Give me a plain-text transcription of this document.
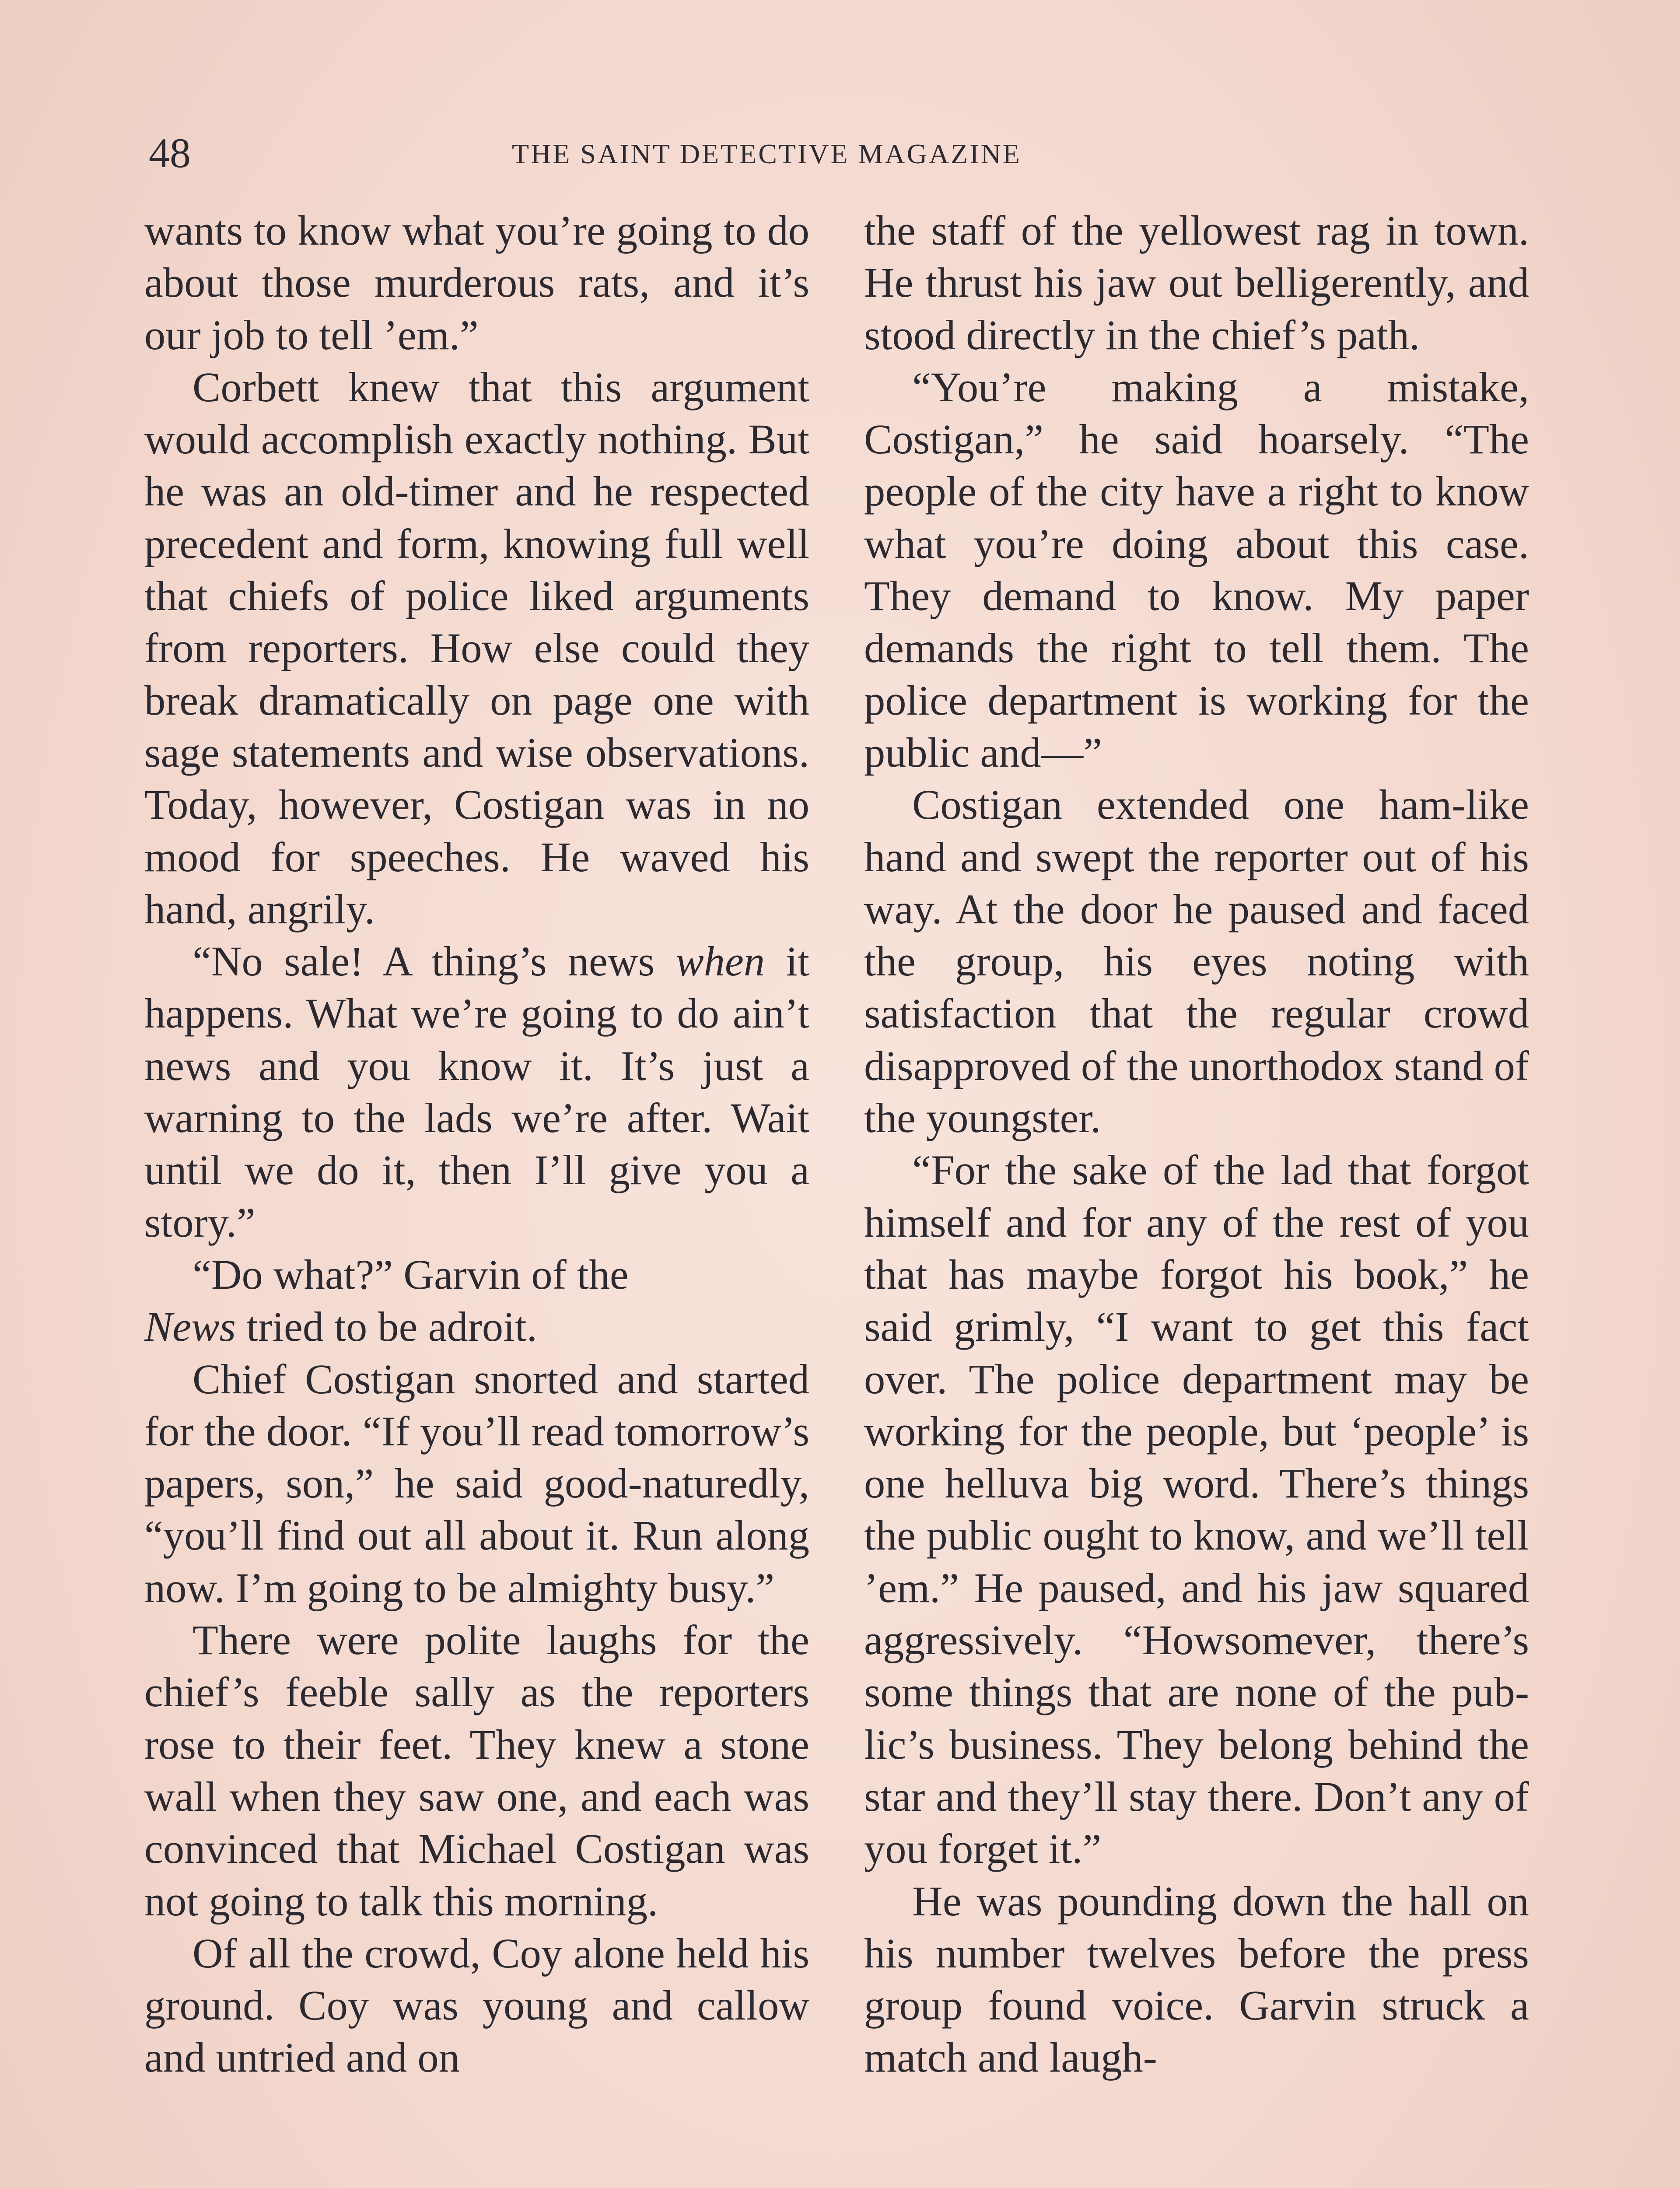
48	THE SAINT DETECTIVE MAGAZINE

wants to know what you’re going to do about those murderous rats, and it’s our job to tell ’em.”

Corbett knew that this argument would accomplish exactly nothing. But he was an old-timer and he respected precedent and form, knowing full well that chiefs of police liked arguments from reporters. How else could they break dramatically on page one with sage statements and wise observations. Today, however, Costigan was in no mood for speeches. He waved his hand, angrily.

“No sale! A thing’s news when it happens. What we’re going to do ain’t news and you know it. It’s just a warning to the lads we’re after. Wait until we do it, then I’ll give you a story.”

“Do what?” Garvin of the

News tried to be adroit.

Chief Costigan snorted and started for the door. “If you’ll read tomorrow’s papers, son,” he said good-naturedly, “you’ll find out all about it. Run along now. I’m going to be almighty busy.”

There were polite laughs for the chief’s feeble sally as the reporters rose to their feet. They knew a stone wall when they saw one, and each was convinced that Michael Costigan was not going to talk this morning.

Of all the crowd, Coy alone held his ground. Coy was young and callow and untried and on

the staff of the yellowest rag in town. He thrust his jaw out belligerently, and stood directly in the chief’s path.

“You’re making a mistake, Costigan,” he said hoarsely. “The people of the city have a right to know what you’re doing about this case. They demand to know. My paper demands the right to tell them. The police department is working for the public and—”

Costigan extended one ham-like hand and swept the reporter out of his way. At the door he paused and faced the group, his eyes noting with satisfaction that the regular crowd disapproved of the unorthodox stand of the youngster.

“For the sake of the lad that forgot himself and for any of the rest of you that has maybe forgot his book,” he said grimly, “I want to get this fact over. The police department may be working for the people, but ‘people’ is one helluva big word. There’s things the public ought to know, and we’ll tell ’em.” He paused, and his jaw squared aggressively. “Howsomever, there’s some things that are none of the public’s business. They belong behind the star and they’ll stay there. Don’t any of you forget it.”

He was pounding down the hall on his number twelves before the press group found voice. Garvin struck a match and laugh-
